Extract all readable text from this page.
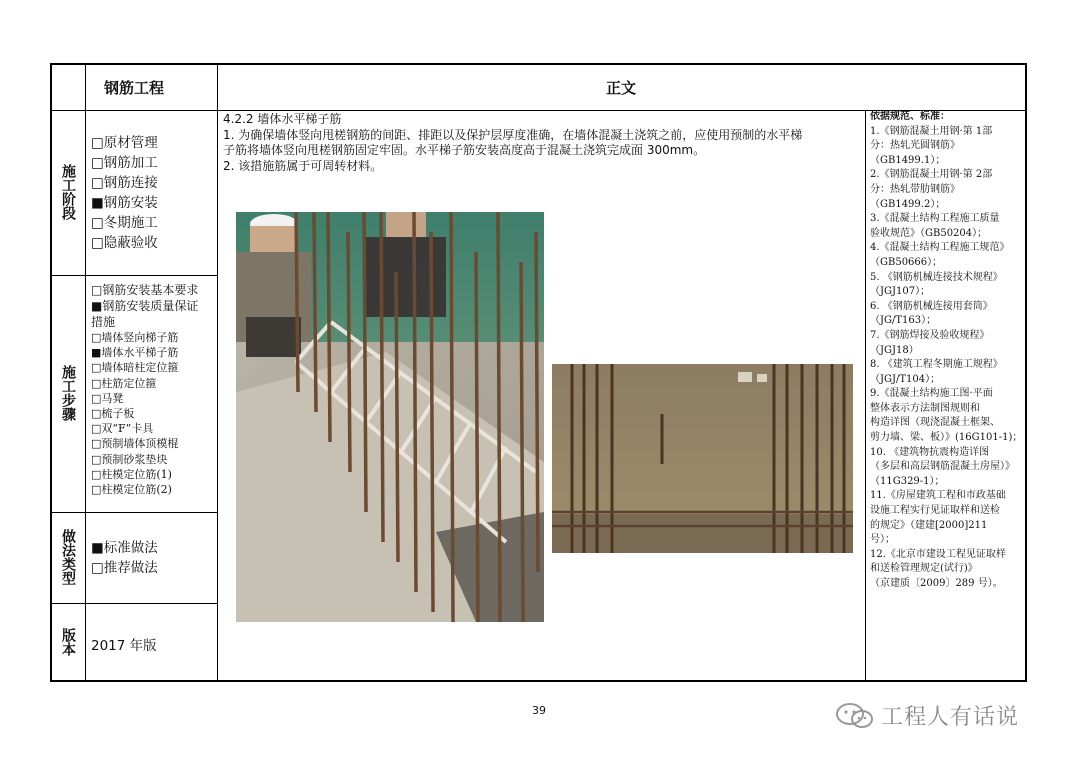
钢筋工程	正文
施工阶段
□原材管理
□钢筋加工
□钢筋连接
■钢筋安装
□冬期施工
□隐蔽验收
施工步骤
□钢筋安装基本要求
■钢筋安装质量保证
措施
□墙体竖向梯子筋
■墙体水平梯子筋
□墙体暗柱定位箍
□柱筋定位箍
□马凳
□梳子板
□双“F”卡具
□预制墙体顶模棍
□预制砂浆垫块
□柱模定位筋(1)
□柱模定位筋(2)
做法类型 ■标准做法
□推荐做法
版本 2017 年版
4.2.2 墙体水平梯子筋
1. 为确保墙体竖向甩槎钢筋的间距、排距以及保护层厚度准确，在墙体混凝土浇筑之前，应使用预制的水平梯
子筋将墙体竖向甩槎钢筋固定牢固。水平梯子筋安装高度高于混凝土浇筑完成面 300mm。
2. 该措施筋属于可周转材料。
依据规范、标准：
1.《钢筋混凝土用钢·第 1部
分：热轧光圆钢筋》
（GB1499.1）；
2.《钢筋混凝土用钢·第 2部
分：热轧带肋钢筋》
（GB1499.2）；
3.《混凝土结构工程施工质量
验收规范》（GB50204）；
4.《混凝土结构工程施工规范》
（GB50666）；
5. 《钢筋机械连接技术规程》
（JGJ107）；
6. 《钢筋机械连接用套筒》
（JG/T163）；
7.《钢筋焊接及验收规程》
（JGJ18）
8. 《建筑工程冬期施工规程》
（JGJ/T104）；
9.《混凝土结构施工图·平面
整体表示方法制图规则和
构造详图（现浇混凝土框架、
剪力墙、梁、板）》(16G101-1)；
10. 《建筑物抗震构造详图
（多层和高层钢筋混凝土房屋）》
（11G329-1）；
11.《房屋建筑工程和市政基础
设施工程实行见证取样和送检
的规定》（建建[2000]211
号）；
12.《北京市建设工程见证取样
和送检管理规定(试行)》
（京建质〔2009〕289 号）。
39	工程人有话说
